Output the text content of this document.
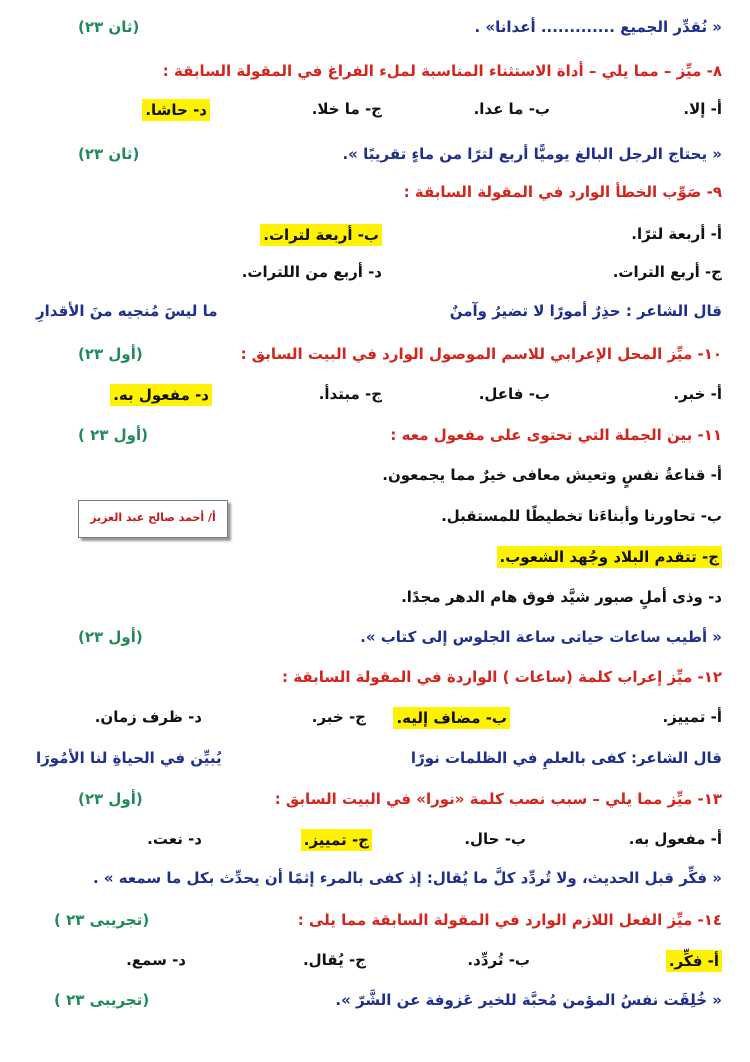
« نُقدِّر الجميع ............. أعدانا» .
(ثان ٢٣)
٨- ميِّز – مما يلي – أداة الاستثناء المناسبة لملء الفراغ في المقولة السابقة :
أ- إلا.
ب- ما عدا.
ج- ما خلا.
د- حاشا.
« يحتاج الرجل البالغ يوميًّا أربع لترًا من ماءٍ تقريبًا ».
(ثان ٢٣)
٩- صَوِّب الخطأ الوارد في المقولة السابقة :
أ- أربعة لترًا.
ب- أربعة لترات.
ج- أربع الترات.
د- أربع من اللترات.
قال الشاعر : حذِرٌ أمورًا لا تضيرُ وآمنٌ
ما ليسَ مُنجيه منَ الأقدارِ
١٠- ميِّز المحل الإعرابي للاسم الموصول الوارد في البيت السابق :
(أول ٢٣)
أ- خبر.
ب- فاعل.
ج- مبتدأ.
د- مفعول به.
١١- بين الجملة التي تحتوى على مفعول معه :
(أول ٢٣ )
أ- قناعةُ نفسٍ وتعيش معافى خيرٌ مما يجمعون.
ب- تحاورنا وأبناءَنا تخطيطًا للمستقبل.
ج- تتقدم البلاد وجُهد الشعوب.
د- وذى أملٍ صبور شيَّد فوق هام الدهر مجدًا.
أ/ أحمد صالح عبد العزيز
« أطيب ساعات حياتى ساعة الجلوس إلى كتاب ».
(أول ٢٣)
١٢- ميِّز إعراب كلمة (ساعات ) الواردة في المقولة السابقة :
أ- تمييز.
ب- مضاف إليه.
ج- خبر.
د- ظرف زمان.
قال الشاعر: كفى بالعلمِ في الظلمات نورًا
يُبيِّن في الحياةِ لنا الأمُورَا
١٣- ميِّز مما يلي – سبب نصب كلمة «نورا» في البيت السابق :
(أول ٢٣)
أ- مفعول به.
ب- حال.
ج- تمييز.
د- نعت.
« فكِّر قبل الحديث، ولا تُردِّد كلَّ ما يُقال: إذ كفى بالمرء إثمًا أن يحدِّث بكل ما سمعه » .
١٤- ميِّز الفعل اللازم الوارد في المقولة السابقة مما يلى :
(تجريبى ٢٣ )
أ- فكِّر.
ب- تُردِّد.
ج- يُقال.
د- سمع.
« خُلِقَت نفسُ المؤمن مُحبَّة للخير عَزوفة عن الشَّرّ ».
(تجريبى ٢٣ )
